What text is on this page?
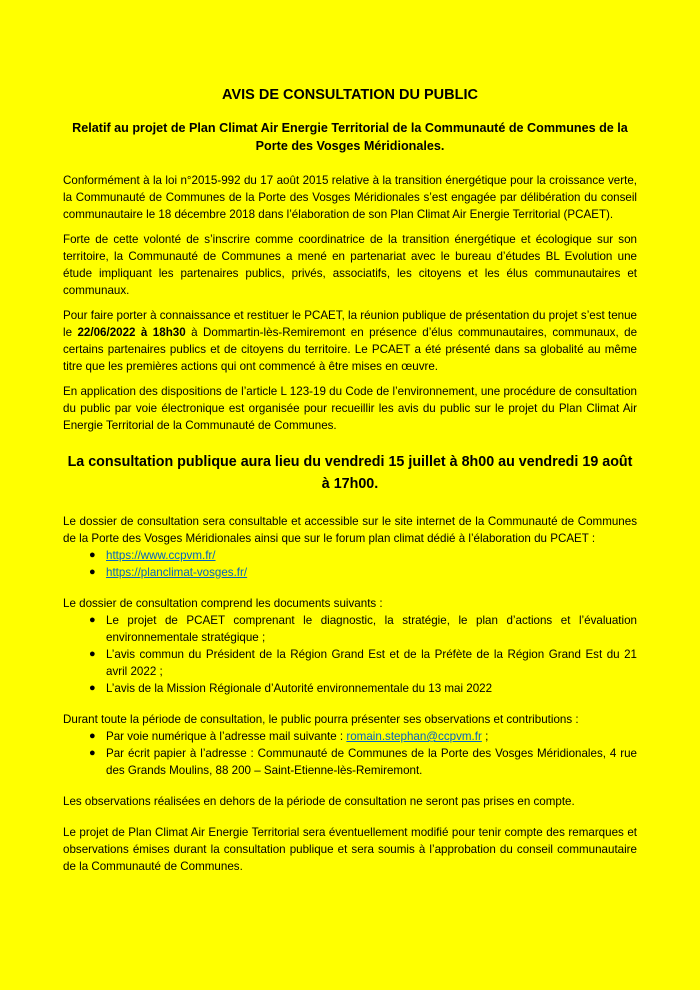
AVIS DE CONSULTATION DU PUBLIC
Relatif au projet de Plan Climat Air Energie Territorial de la Communauté de Communes de la Porte des Vosges Méridionales.

Conformément à la loi n°2015-992 du 17 août 2015 relative à la transition énergétique pour la croissance verte, la Communauté de Communes de la Porte des Vosges Méridionales s’est engagée par délibération du conseil communautaire le 18 décembre 2018 dans l’élaboration de son Plan Climat Air Energie Territorial (PCAET).

Forte de cette volonté de s’inscrire comme coordinatrice de la transition énergétique et écologique sur son territoire, la Communauté de Communes a mené en partenariat avec le bureau d’études BL Evolution une étude impliquant les partenaires publics, privés, associatifs, les citoyens et les élus communautaires et communaux.

Pour faire porter à connaissance et restituer le PCAET, la réunion publique de présentation du projet s’est tenue le 22/06/2022 à 18h30 à Dommartin-lès-Remiremont en présence d’élus communautaires, communaux, de certains partenaires publics et de citoyens du territoire. Le PCAET a été présenté dans sa globalité au même titre que les premières actions qui ont commencé à être mises en œuvre.

En application des dispositions de l’article L 123-19 du Code de l’environnement, une procédure de consultation du public par voie électronique est organisée pour recueillir les avis du public sur le projet du Plan Climat Air Energie Territorial de la Communauté de Communes.

La consultation publique aura lieu du vendredi 15 juillet à 8h00 au vendredi 19 août à 17h00.

Le dossier de consultation sera consultable et accessible sur le site internet de la Communauté de Communes de la Porte des Vosges Méridionales ainsi que sur le forum plan climat dédié à l’élaboration du PCAET :

● https://www.ccpvm.fr/
● https://planclimat-vosges.fr/

Le dossier de consultation comprend les documents suivants :

● Le projet de PCAET comprenant le diagnostic, la stratégie, le plan d’actions et l’évaluation environnementale stratégique ;
● L’avis commun du Président de la Région Grand Est et de la Préfète de la Région Grand Est du 21 avril 2022 ;
● L’avis de la Mission Régionale d’Autorité environnementale du 13 mai 2022

Durant toute la période de consultation, le public pourra présenter ses observations et contributions :

● Par voie numérique à l’adresse mail suivante : romain.stephan@ccpvm.fr ;
● Par écrit papier à l’adresse : Communauté de Communes de la Porte des Vosges Méridionales, 4 rue des Grands Moulins, 88 200 – Saint-Etienne-lès-Remiremont.

Les observations réalisées en dehors de la période de consultation ne seront pas prises en compte.

Le projet de Plan Climat Air Energie Territorial sera éventuellement modifié pour tenir compte des remarques et observations émises durant la consultation publique et sera soumis à l’approbation du conseil communautaire de la Communauté de Communes.
